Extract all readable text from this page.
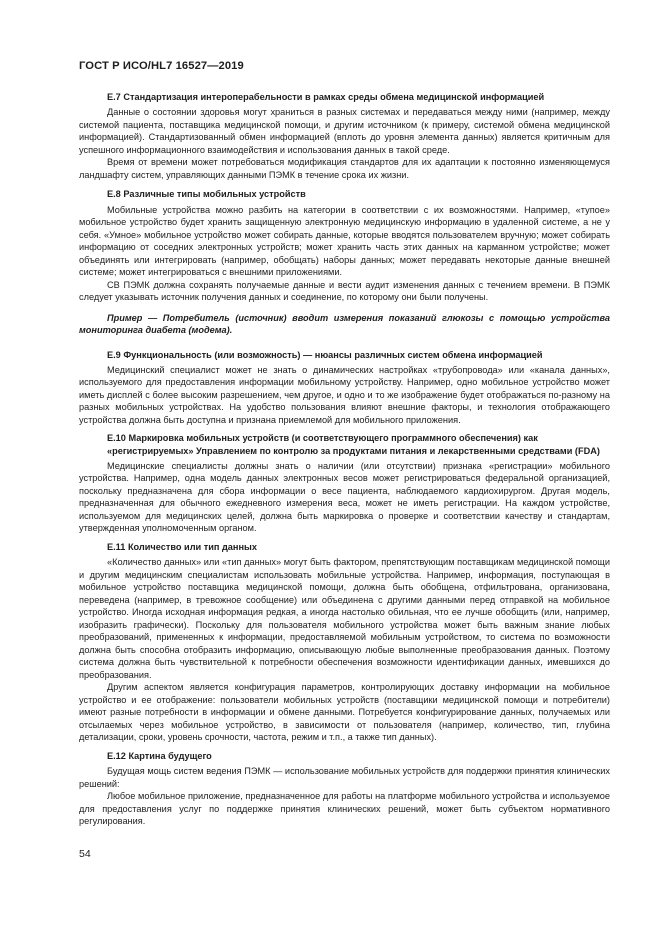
ГОСТ Р ИСО/HL7 16527—2019

Е.7 Стандартизация интероперабельности в рамках среды обмена медицинской информацией

Данные о состоянии здоровья могут храниться в разных системах и передаваться между ними (например, между системой пациента, поставщика медицинской помощи, и другим источником (к примеру, системой обмена медицинской информацией). Стандартизованный обмен информацией (вплоть до уровня элемента данных) является критичным для успешного информационного взаимодействия и использования данных в такой среде.

Время от времени может потребоваться модификация стандартов для их адаптации к постоянно изменяющемуся ландшафту систем, управляющих данными ПЭМК в течение срока их жизни.

Е.8 Различные типы мобильных устройств

Мобильные устройства можно разбить на категории в соответствии с их возможностями. Например, «тупое» мобильное устройство будет хранить защищенную электронную медицинскую информацию в удаленной системе, а не у себя. «Умное» мобильное устройство может собирать данные, которые вводятся пользователем вручную; может собирать информацию от соседних электронных устройств; может хранить часть этих данных на карманном устройстве; может объединять или интегрировать (например, обобщать) наборы данных; может передавать некоторые данные внешней системе; может интегрироваться с внешними приложениями.

СВ ПЭМК должна сохранять получаемые данные и вести аудит изменения данных с течением времени. В ПЭМК следует указывать источник получения данных и соединение, по которому они были получены.

Пример — Потребитель (источник) вводит измерения показаний глюкозы с помощью устройства мониторинга диабета (модема).

Е.9 Функциональность (или возможность) — нюансы различных систем обмена информацией

Медицинский специалист может не знать о динамических настройках «трубопровода» или «канала данных», используемого для предоставления информации мобильному устройству. Например, одно мобильное устройство может иметь дисплей с более высоким разрешением, чем другое, и одно и то же изображение будет отображаться по-разному на разных мобильных устройствах. На удобство пользования влияют внешние факторы, и технология отображающего устройства должна быть доступна и признана приемлемой для мобильного приложения.

Е.10 Маркировка мобильных устройств (и соответствующего программного обеспечения) как «регистрируемых» Управлением по контролю за продуктами питания и лекарственными средствами (FDA)

Медицинские специалисты должны знать о наличии (или отсутствии) признака «регистрации» мобильного устройства. Например, одна модель данных электронных весов может регистрироваться федеральной организацией, поскольку предназначена для сбора информации о весе пациента, наблюдаемого кардиохирургом. Другая модель, предназначенная для обычного ежедневного измерения веса, может не иметь регистрации. На каждом устройстве, используемом для медицинских целей, должна быть маркировка о проверке и соответствии качеству и стандартам, утвержденная уполномоченным органом.

Е.11 Количество или тип данных

«Количество данных» или «тип данных» могут быть фактором, препятствующим поставщикам медицинской помощи и другим медицинским специалистам использовать мобильные устройства. Например, информация, поступающая в мобильное устройство поставщика медицинской помощи, должна быть обобщена, отфильтрована, организована, переведена (например, в тревожное сообщение) или объединена с другими данными перед отправкой на мобильное устройство. Иногда исходная информация редкая, а иногда настолько обильная, что ее лучше обобщить (или, например, изобразить графически). Поскольку для пользователя мобильного устройства может быть важным знание любых преобразований, примененных к информации, предоставляемой мобильным устройством, то система по возможности должна быть способна отобразить информацию, описывающую любые выполненные преобразования данных. Поэтому система должна быть чувствительной к потребности обеспечения возможности идентификации данных, имевшихся до преобразования.

Другим аспектом является конфигурация параметров, контролирующих доставку информации на мобильное устройство и ее отображение: пользователи мобильных устройств (поставщики медицинской помощи и потребители) имеют разные потребности в информации и обмене данными. Потребуется конфигурирование данных, получаемых или отсылаемых через мобильное устройство, в зависимости от пользователя (например, количество, тип, глубина детализации, сроки, уровень срочности, частота, режим и т.п., а также тип данных).

Е.12 Картина будущего

Будущая мощь систем ведения ПЭМК — использование мобильных устройств для поддержки принятия клинических решений:

Любое мобильное приложение, предназначенное для работы на платформе мобильного устройства и используемое для предоставления услуг по поддержке принятия клинических решений, может быть субъектом нормативного регулирования.

54
